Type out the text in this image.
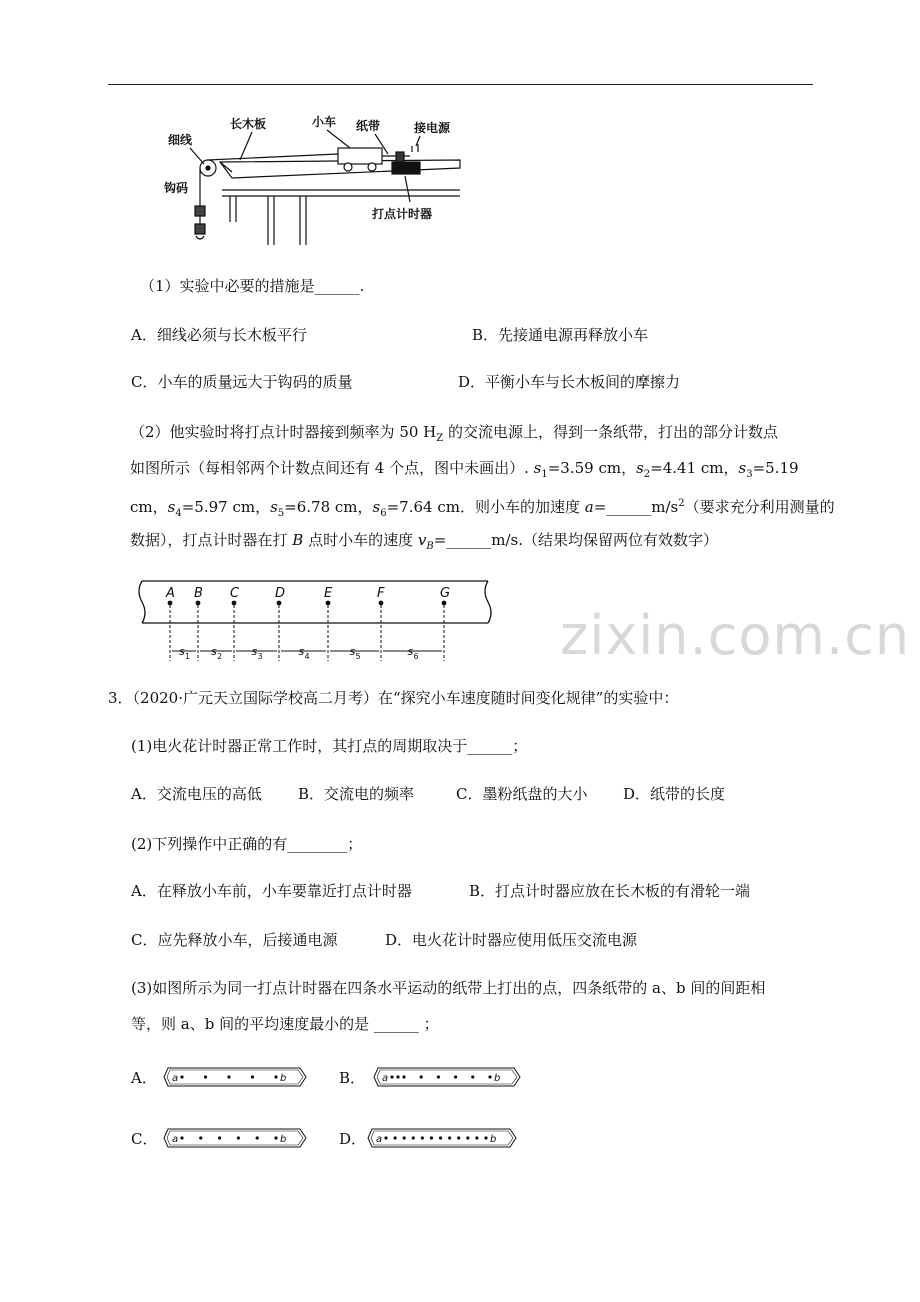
长木板	小车 纸带	接电源
细线
钩码
打点计时器
（1）实验中必要的措施是______.
A．细线必须与长木板平行	B．先接通电源再释放小车
C．小车的质量远大于钩码的质量	D．平衡小车与长木板间的摩擦力
（2）他实验时将打点计时器接到频率为 50 $H_Z$ 的交流电源上，得到一条纸带，打出的部分计数点
如图所示（每相邻两个计数点间还有 4 个点，图中未画出）. $s_1=3.59$ cm，$s_2=4.41$ cm，$s_3=5.19$
cm，$s_4=5.97$ cm，$s_5=6.78$ cm，$s_6=7.64$ cm．则小车的加速度 $a=\_\_\_\_\_\_m/s^2$（要求充分利用测量的
数据），打点计时器在打 B 点时小车的速度 $v_B=\_\_\_\_\_\_m/s$.（结果均保留两位有效数字）
zixin.com.cn
A B C	D	E	F	G
s 1 s 2	s 3	s 4	s 5	s 6
3．（2020·广元天立国际学校高二月考）在“探究小车速度随时间变化规律”的实验中：
(1)电火花计时器正常工作时，其打点的周期取决于______；
A．交流电压的高低 B．交流电的频率	C．墨粉纸盘的大小 D．纸带的长度
(2)下列操作中正确的有________；
A．在释放小车前，小车要靠近打点计时器	B．打点计时器应放在长木板的有滑轮一端
C．应先释放小车，后接通电源	D．电火花计时器应使用低压交流电源
(3)如图所示为同一打点计时器在四条水平运动的纸带上打出的点，四条纸带的 a、b 间的间距相
等，则 a、b 间的平均速度最小的是 ______ ；
A．	B．
C．	D．
a	b	a	b
a	b	a	b
